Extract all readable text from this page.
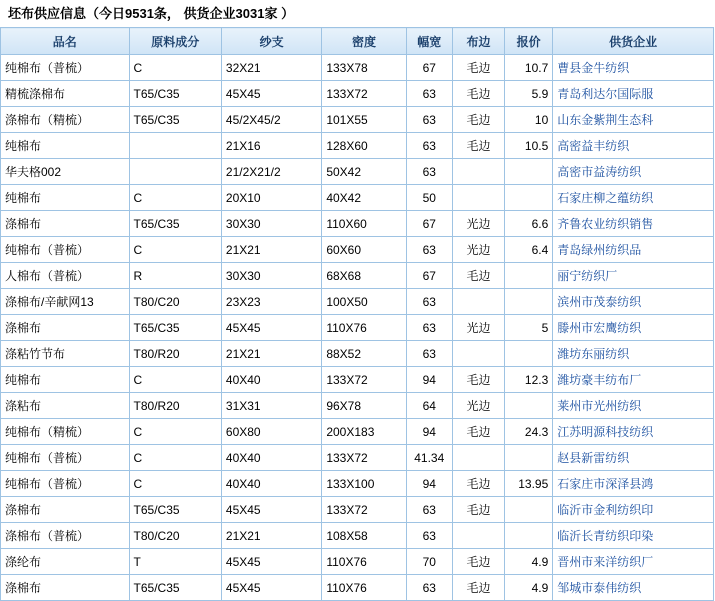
坯布供应信息（今日9531条， 供货企业3031家 ）
品名	原料成分	纱支	密度	幅宽	布边	报价	供货企业
纯棉布（普梳）	C	32X21	133X78	67	毛边	10.7	曹县金牛纺织
精梳涤棉布	T65/C35	45X45	133X72	63	毛边	5.9	青岛利达尔国际服
涤棉布（精梳）	T65/C35	45/2X45/2	101X55	63	毛边	10	山东金紫荆生态科
纯棉布		21X16	128X60	63	毛边	10.5	高密益丰纺织
华夫格002		21/2X21/2	50X42	63			高密市益涛纺织
纯棉布	C	20X10	40X42	50			石家庄柳之蕴纺织
涤棉布	T65/C35	30X30	110X60	67	光边	6.6	齐鲁农业纺织销售
纯棉布（普梳）	C	21X21	60X60	63	光边	6.4	青岛绿州纺织品
人棉布（普梳）	R	30X30	68X68	67	毛边		丽宁纺织厂
涤棉布/辛献网13	T80/C20	23X23	100X50	63			滨州市茂泰纺织
涤棉布	T65/C35	45X45	110X76	63	光边	5	滕州市宏鹰纺织
涤粘竹节布	T80/R20	21X21	88X52	63			潍坊东丽纺织
纯棉布	C	40X40	133X72	94	毛边	12.3	潍坊豪丰纺布厂
涤粘布	T80/R20	31X31	96X78	64	光边		莱州市光州纺织
纯棉布（精梳）	C	60X80	200X183	94	毛边	24.3	江苏明源科技纺织
纯棉布（普梳）	C	40X40	133X72	41.34			赵县新雷纺织
纯棉布（普梳）	C	40X40	133X100	94	毛边	13.95	石家庄市深泽县鸿
涤棉布	T65/C35	45X45	133X72	63	毛边		临沂市金利纺织印
涤棉布（普梳）	T80/C20	21X21	108X58	63			临沂长青纺织印染
涤纶布	T	45X45	110X76	70	毛边	4.9	晋州市来洋纺织厂
涤棉布	T65/C35	45X45	110X76	63	毛边	4.9	邹城市泰伟纺织
